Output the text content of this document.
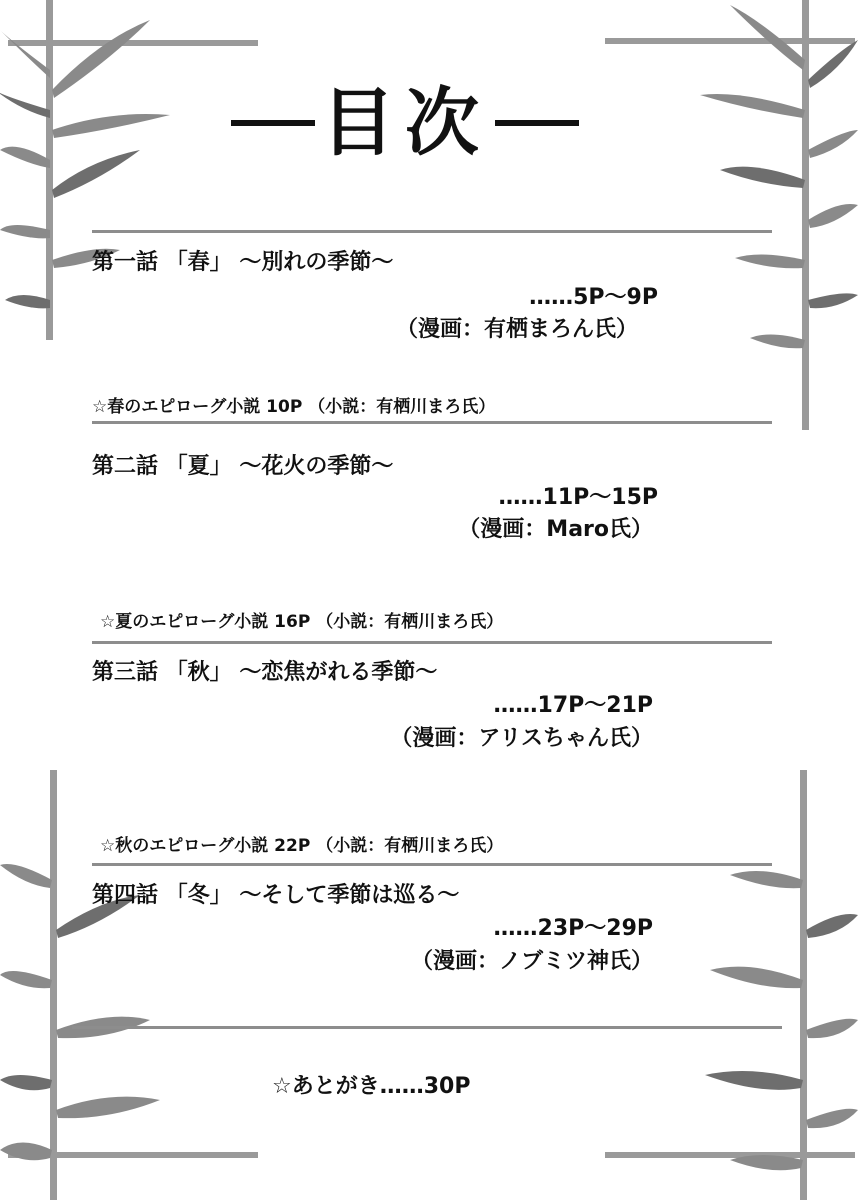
目次
第一話 「春」 ～別れの季節～
……5P～9P
（漫画：有栖まろん氏）
☆春のエピローグ小説 10P （小説：有栖川まろ氏）
第二話 「夏」 ～花火の季節～
……11P～15P
（漫画：Maro氏）
☆夏のエピローグ小説 16P （小説：有栖川まろ氏）
第三話 「秋」 ～恋焦がれる季節～
……17P～21P
（漫画：アリスちゃん氏）
☆秋のエピローグ小説 22P （小説：有栖川まろ氏）
第四話 「冬」 ～そして季節は巡る～
……23P～29P
（漫画：ノブミツ神氏）
☆あとがき……30P
